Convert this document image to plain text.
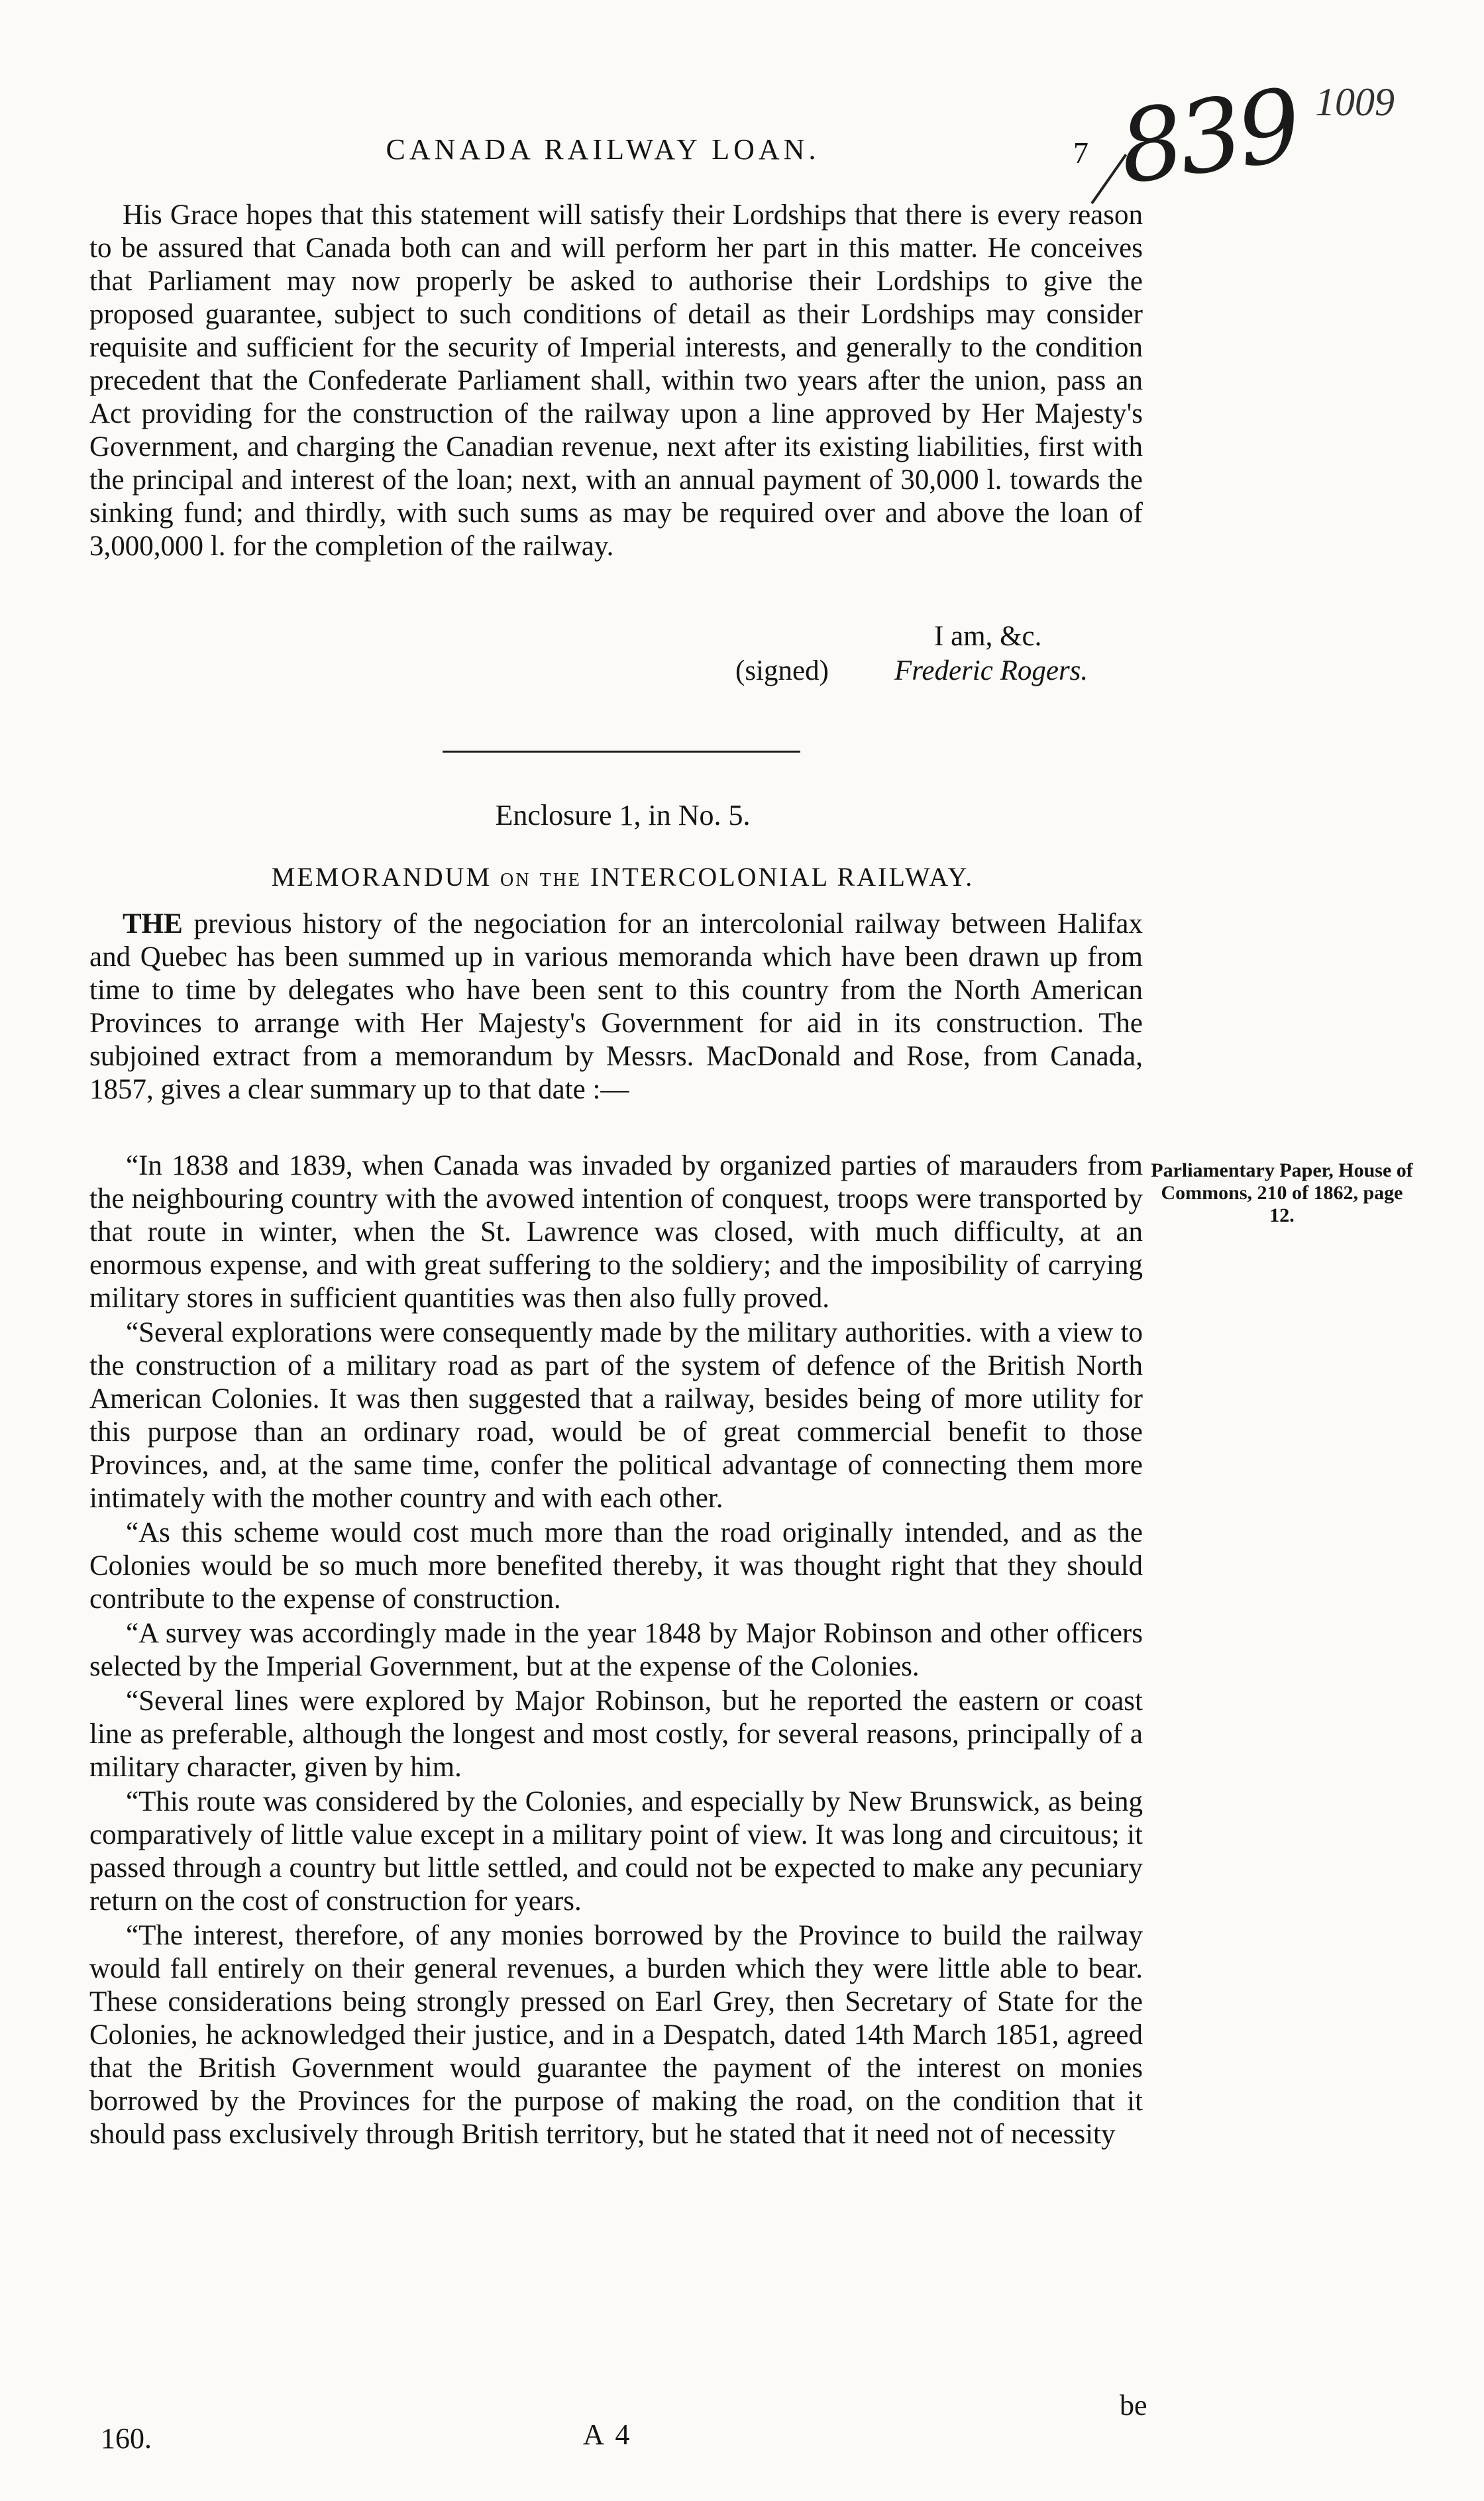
CANADA RAILWAY LOAN.	7 839 1009

His Grace hopes that this statement will satisfy their Lordships that there is every reason to be assured that Canada both can and will perform her part in this matter. He conceives that Parliament may now properly be asked to authorise their Lordships to give the proposed guarantee, subject to such conditions of detail as their Lordships may consider requisite and sufficient for the security of Imperial interests, and generally to the condition precedent that the Confederate Parliament shall, within two years after the union, pass an Act providing for the construction of the railway upon a line approved by Her Majesty's Government, and charging the Canadian revenue, next after its existing liabilities, first with the principal and interest of the loan; next, with an annual payment of 30,000 l. towards the sinking fund; and thirdly, with such sums as may be required over and above the loan of 3,000,000 l. for the completion of the railway.

I am, &c.
(signed) Frederic Rogers.
Enclosure 1, in No. 5.
MEMORANDUM on the INTERCOLONIAL RAILWAY.

THE previous history of the negociation for an intercolonial railway between Halifax and Quebec has been summed up in various memoranda which have been drawn up from time to time by delegates who have been sent to this country from the North American Provinces to arrange with Her Majesty's Government for aid in its construction. The subjoined extract from a memorandum by Messrs. MacDonald and Rose, from Canada, 1857, gives a clear summary up to that date :—

“In 1838 and 1839, when Canada was invaded by organized parties of marauders from the neighbouring country with the avowed intention of conquest, troops were transported by that route in winter, when the St. Lawrence was closed, with much difficulty, at an enormous expense, and with great suffering to the soldiery; and the imposibility of carrying military stores in sufficient quantities was then also fully proved.

“Several explorations were consequently made by the military authorities. with a view to the construction of a military road as part of the system of defence of the British North American Colonies. It was then suggested that a railway, besides being of more utility for this purpose than an ordinary road, would be of great commercial benefit to those Provinces, and, at the same time, confer the political advantage of connecting them more intimately with the mother country and with each other.

“As this scheme would cost much more than the road originally intended, and as the Colonies would be so much more benefited thereby, it was thought right that they should contribute to the expense of construction.

“A survey was accordingly made in the year 1848 by Major Robinson and other officers selected by the Imperial Government, but at the expense of the Colonies.

“Several lines were explored by Major Robinson, but he reported the eastern or coast line as preferable, although the longest and most costly, for several reasons, principally of a military character, given by him.

“This route was considered by the Colonies, and especially by New Brunswick, as being comparatively of little value except in a military point of view. It was long and circuitous; it passed through a country but little settled, and could not be expected to make any pecuniary return on the cost of construction for years.

“The interest, therefore, of any monies borrowed by the Province to build the railway would fall entirely on their general revenues, a burden which they were little able to bear. These considerations being strongly pressed on Earl Grey, then Secretary of State for the Colonies, he acknowledged their justice, and in a Despatch, dated 14th March 1851, agreed that the British Government would guarantee the payment of the interest on monies borrowed by the Provinces for the purpose of making the road, on the condition that it should pass exclusively through British territory, but he stated that it need not of necessity

Parliamentary Paper, House of Commons, 210 of 1862, page 12.
160.	A 4
be
